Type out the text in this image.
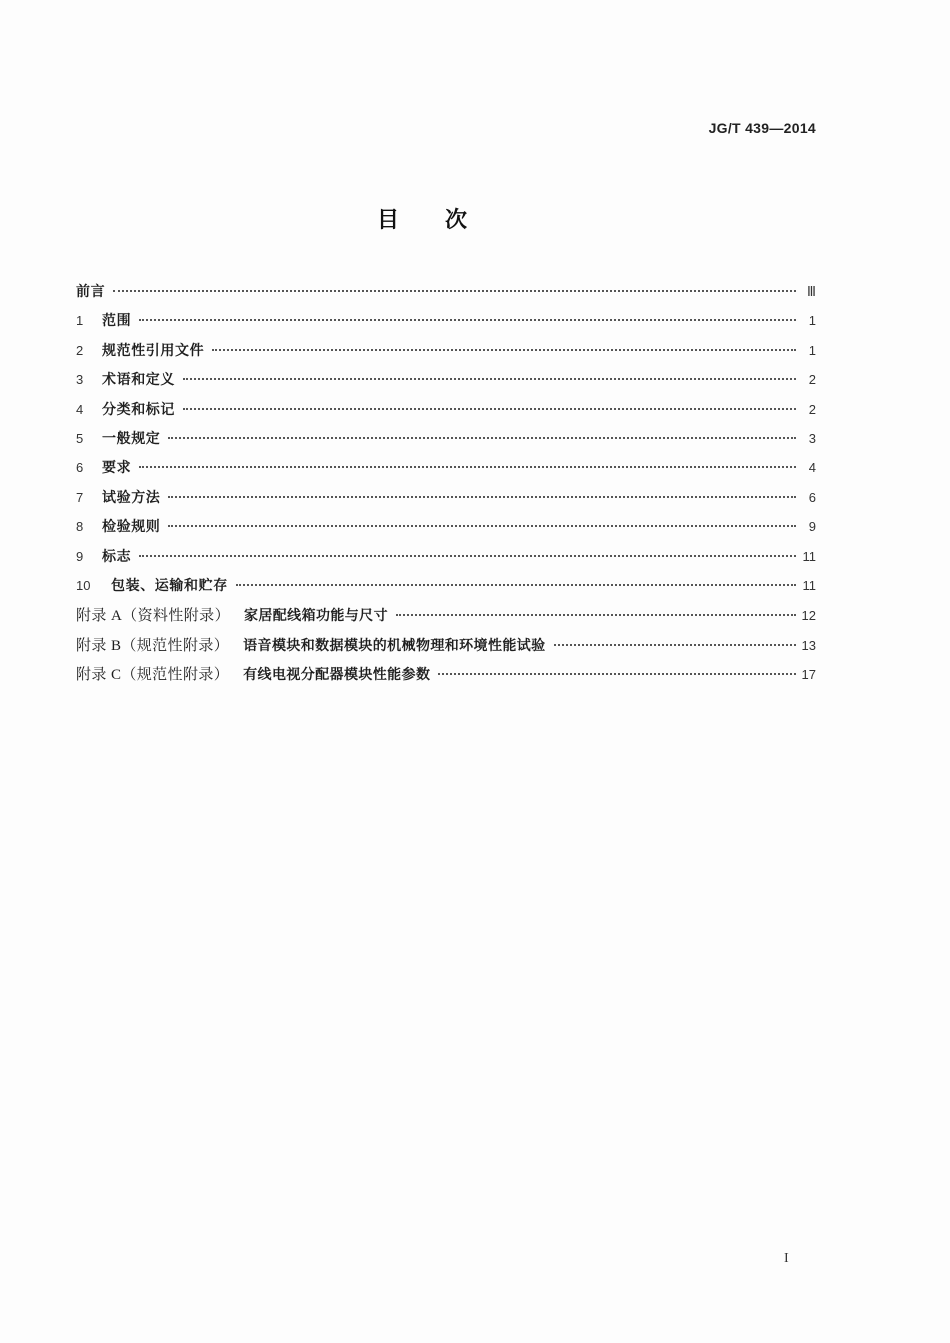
JG/T 439—2014
目次
前言	Ⅲ
1	范围	1
2	规范性引用文件	1
3	术语和定义	2
4	分类和标记	2
5	一般规定	3
6	要求	4
7	试验方法	6
8	检验规则	9
9	标志	11
10	包装、运输和贮存	11
附录 A（资料性附录） 家居配线箱功能与尺寸	12
附录 B（规范性附录） 语音模块和数据模块的机械物理和环境性能试验	13
附录 C（规范性附录） 有线电视分配器模块性能参数	17
I
